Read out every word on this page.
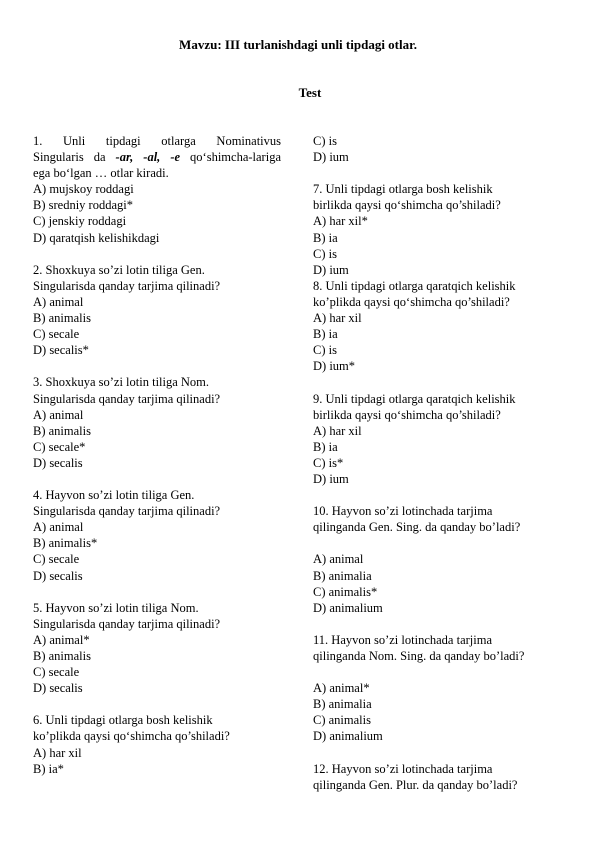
Mavzu: III turlanishdagi unli tipdagi otlar.
Test
1. Unli tipdagi otlarga Nominativus
Singularis da -ar, -al, -e qo‘shimcha-lariga
ega bo‘lgan … otlar kiradi.
A) mujskoy roddagi
B) sredniy roddagi*
C) jenskiy roddagi
D) qaratqish kelishikdagi
2. Shoxkuya so’zi lotin tiliga Gen.
Singularisda qanday tarjima qilinadi?
A) animal
B) animalis
C) secale
D) secalis*
3. Shoxkuya so’zi lotin tiliga Nom.
Singularisda qanday tarjima qilinadi?
A) animal
B) animalis
C) secale*
D) secalis
4. Hayvon so’zi lotin tiliga Gen.
Singularisda qanday tarjima qilinadi?
A) animal
B) animalis*
C) secale
D) secalis
5. Hayvon so’zi lotin tiliga Nom.
Singularisda qanday tarjima qilinadi?
A) animal*
B) animalis
C) secale
D) secalis
6. Unli tipdagi otlarga bosh kelishik
ko’plikda qaysi qo‘shimcha qo’shiladi?
A) har xil
B) ia*
C) is
D) ium
7. Unli tipdagi otlarga bosh kelishik
birlikda qaysi qo‘shimcha qo’shiladi?
A) har xil*
B) ia
C) is
D) ium
8. Unli tipdagi otlarga qaratqich kelishik
ko’plikda qaysi qo‘shimcha qo’shiladi?
A) har xil
B) ia
C) is
D) ium*
9. Unli tipdagi otlarga qaratqich kelishik
birlikda qaysi qo‘shimcha qo’shiladi?
A) har xil
B) ia
C) is*
D) ium
10. Hayvon so’zi lotinchada tarjima
qilinganda Gen. Sing. da qanday bo’ladi?
A) animal
B) animalia
C) animalis*
D) animalium
11. Hayvon so’zi lotinchada tarjima
qilinganda Nom. Sing. da qanday bo’ladi?
A) animal*
B) animalia
C) animalis
D) animalium
12. Hayvon so’zi lotinchada tarjima
qilinganda Gen. Plur. da qanday bo’ladi?
